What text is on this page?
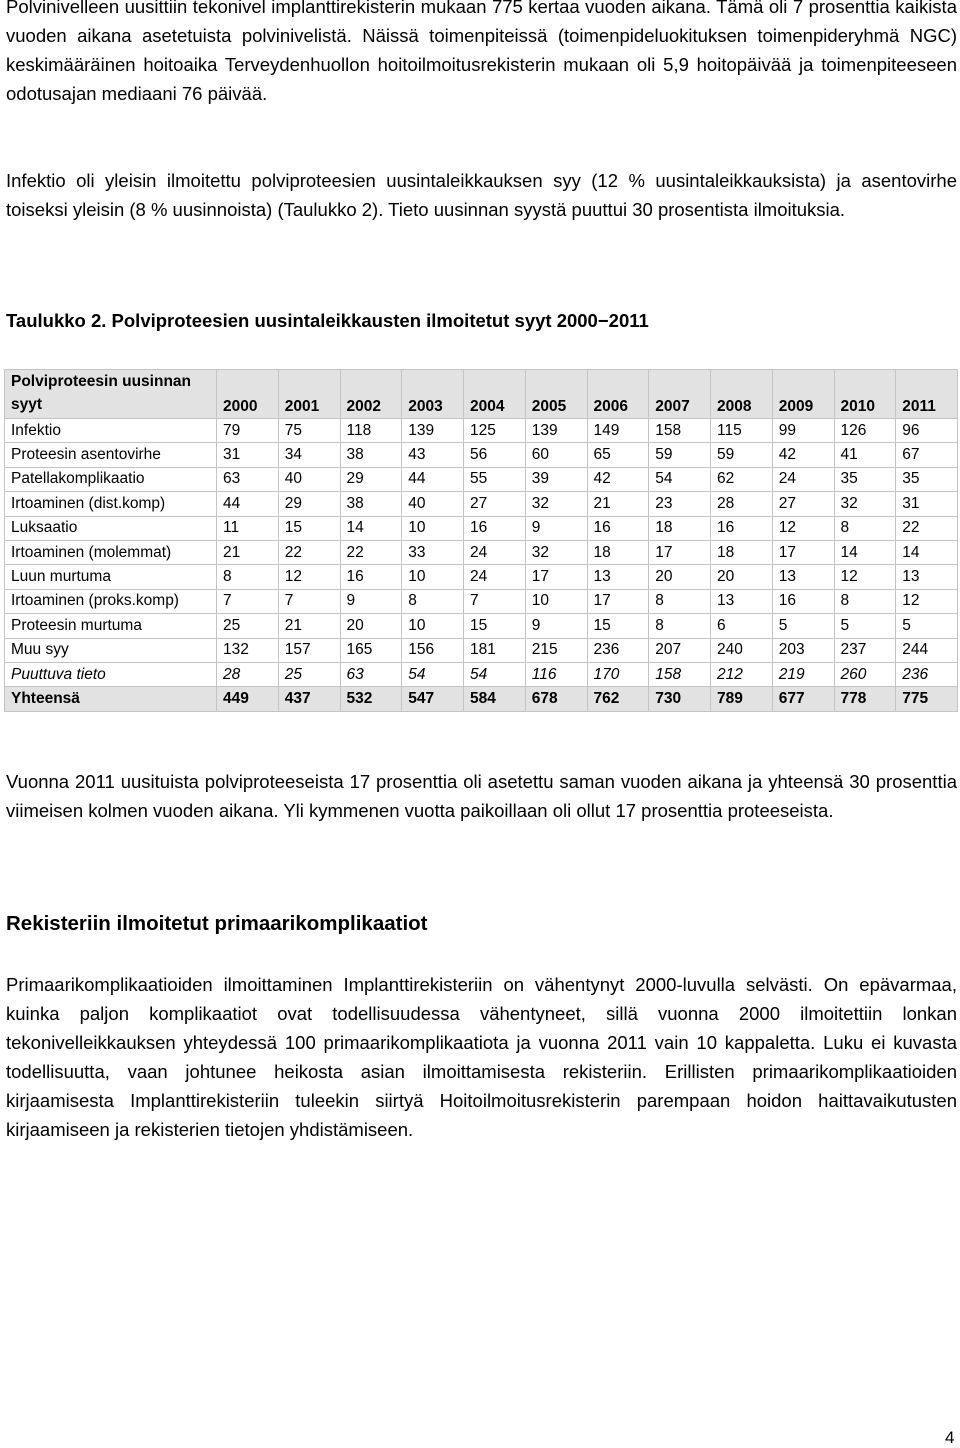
Polvinivelleen uusittiin tekonivel implanttirekisterin mukaan 775 kertaa vuoden aikana. Tämä oli 7 prosenttia kaikista vuoden aikana asetetuista polvinivelistä. Näissä toimenpiteissä (toimenpideluokituksen toimenpideryhmä NGC) keskimääräinen hoitoaika Terveydenhuollon hoitoilmoitusrekisterin mukaan oli 5,9 hoitopäivää ja toimenpiteeseen odotusajan mediaani 76 päivää.

Infektio oli yleisin ilmoitettu polviproteesien uusintaleikkauksen syy (12 % uusintaleikkauksista) ja asentovirhe toiseksi yleisin (8 % uusinnoista) (Taulukko 2). Tieto uusinnan syystä puuttui 30 prosentista ilmoituksia.

Taulukko 2. Polviproteesien uusintaleikkausten ilmoitetut syyt 2000−2011

Polviproteesin uusinnan syyt	2000	2001	2002	2003	2004	2005	2006	2007	2008	2009	2010	2011
Infektio	79	75	118	139	125	139	149	158	115	99	126	96
Proteesin asentovirhe	31	34	38	43	56	60	65	59	59	42	41	67
Patellakomplikaatio	63	40	29	44	55	39	42	54	62	24	35	35
Irtoaminen (dist.komp)	44	29	38	40	27	32	21	23	28	27	32	31
Luksaatio	11	15	14	10	16	9	16	18	16	12	8	22
Irtoaminen (molemmat)	21	22	22	33	24	32	18	17	18	17	14	14
Luun murtuma	8	12	16	10	24	17	13	20	20	13	12	13
Irtoaminen (proks.komp)	7	7	9	8	7	10	17	8	13	16	8	12
Proteesin murtuma	25	21	20	10	15	9	15	8	6	5	5	5
Muu syy	132	157	165	156	181	215	236	207	240	203	237	244
Puuttuva tieto	28	25	63	54	54	116	170	158	212	219	260	236
Yhteensä	449	437	532	547	584	678	762	730	789	677	778	775

Vuonna 2011 uusituista polviproteeseista 17 prosenttia oli asetettu saman vuoden aikana ja yhteensä 30 prosenttia viimeisen kolmen vuoden aikana. Yli kymmenen vuotta paikoillaan oli ollut 17 prosenttia proteeseista.

Rekisteriin ilmoitetut primaarikomplikaatiot

Primaarikomplikaatioiden ilmoittaminen Implanttirekisteriin on vähentynyt 2000-luvulla selvästi. On epävarmaa, kuinka paljon komplikaatiot ovat todellisuudessa vähentyneet, sillä vuonna 2000 ilmoitettiin lonkan tekonivelleikkauksen yhteydessä 100 primaarikomplikaatiota ja vuonna 2011 vain 10 kappaletta. Luku ei kuvasta todellisuutta, vaan johtunee heikosta asian ilmoittamisesta rekisteriin. Erillisten primaarikomplikaatioiden kirjaamisesta Implanttirekisteriin tuleekin siirtyä Hoitoilmoitusrekisterin parempaan hoidon haittavaikutusten kirjaamiseen ja rekisterien tietojen yhdistämiseen.

4
